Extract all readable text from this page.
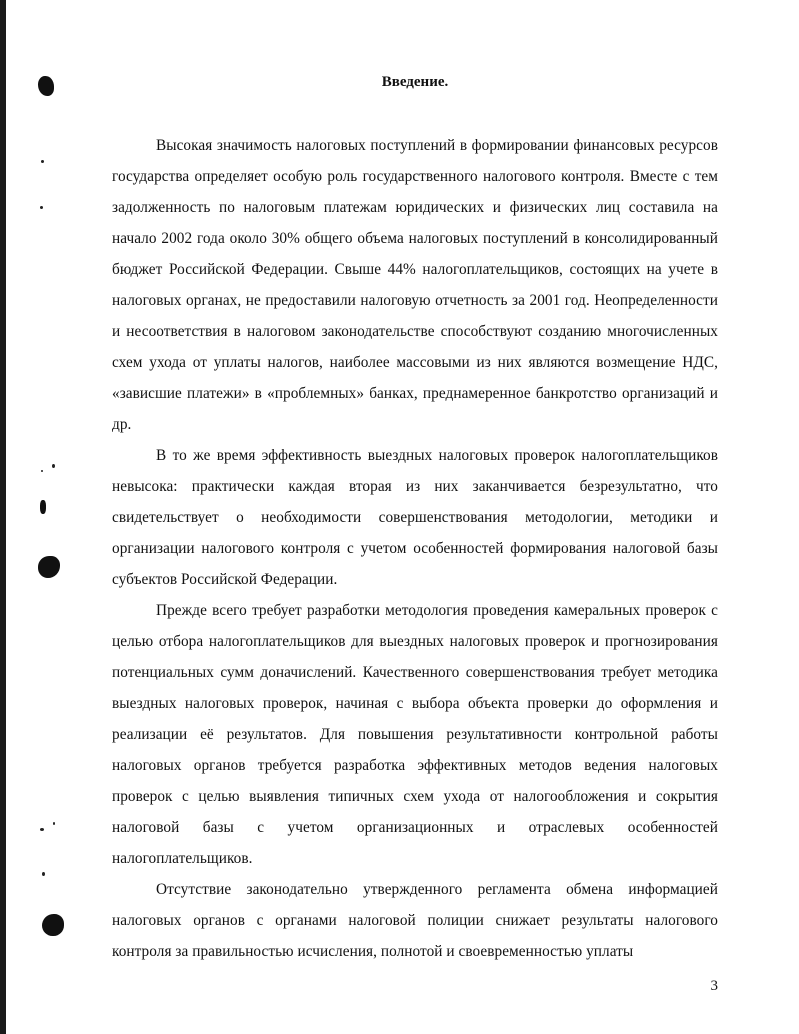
Введение.

Высокая значимость налоговых поступлений в формировании финансовых ресурсов государства определяет особую роль государственного налогового контроля. Вместе с тем задолженность по налоговым платежам юридических и физических лиц составила на начало 2002 года около 30% общего объема налоговых поступлений в консолидированный бюджет Российской Федерации. Свыше 44% налогоплательщиков, состоящих на учете в налоговых органах, не предоставили налоговую отчетность за 2001 год. Неопределенности и несоответствия в налоговом законодательстве способствуют созданию многочисленных схем ухода от уплаты налогов, наиболее массовыми из них являются возмещение НДС, «зависшие платежи» в «проблемных» банках, преднамеренное банкротство организаций и др.

В то же время эффективность выездных налоговых проверок налогоплательщиков невысока: практически каждая вторая из них заканчивается безрезультатно, что свидетельствует о необходимости совершенствования методологии, методики и организации налогового контроля с учетом особенностей формирования налоговой базы субъектов Российской Федерации.

Прежде всего требует разработки методология проведения камеральных проверок с целью отбора налогоплательщиков для выездных налоговых проверок и прогнозирования потенциальных сумм доначислений. Качественного совершенствования требует методика выездных налоговых проверок, начиная с выбора объекта проверки до оформления и реализации её результатов. Для повышения результативности контрольной работы налоговых органов требуется разработка эффективных методов ведения налоговых проверок с целью выявления типичных схем ухода от налогообложения и сокрытия налоговой базы с учетом организационных и отраслевых особенностей налогоплательщиков.

Отсутствие законодательно утвержденного регламента обмена информацией налоговых органов с органами налоговой полиции снижает результаты налогового контроля за правильностью исчисления, полнотой и своевременностью уплаты

3
